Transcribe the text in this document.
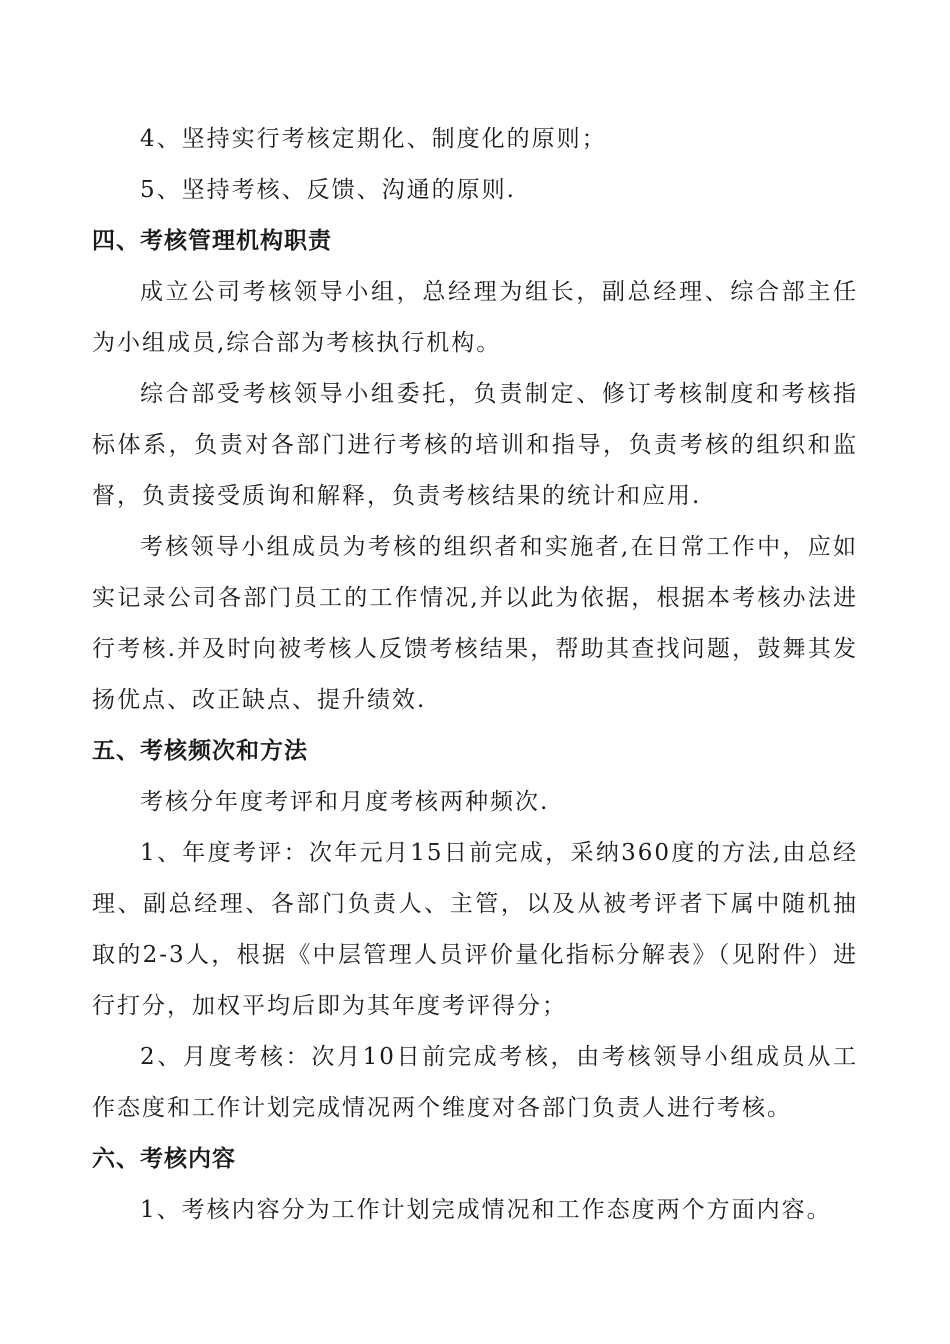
4、坚持实行考核定期化、制度化的原则；

5、坚持考核、反馈、沟通的原则.

四、考核管理机构职责

成立公司考核领导小组，总经理为组长，副总经理、综合部主任为小组成员,综合部为考核执行机构。

综合部受考核领导小组委托，负责制定、修订考核制度和考核指标体系，负责对各部门进行考核的培训和指导，负责考核的组织和监督，负责接受质询和解释，负责考核结果的统计和应用.

考核领导小组成员为考核的组织者和实施者,在日常工作中，应如实记录公司各部门员工的工作情况,并以此为依据，根据本考核办法进行考核.并及时向被考核人反馈考核结果，帮助其查找问题，鼓舞其发扬优点、改正缺点、提升绩效.

五、考核频次和方法

考核分年度考评和月度考核两种频次.

1、年度考评：次年元月15日前完成，采纳360度的方法,由总经理、副总经理、各部门负责人、主管，以及从被考评者下属中随机抽取的2-3人，根据《中层管理人员评价量化指标分解表》（见附件）进行打分，加权平均后即为其年度考评得分；

2、月度考核：次月10日前完成考核，由考核领导小组成员从工作态度和工作计划完成情况两个维度对各部门负责人进行考核。

六、考核内容

1、考核内容分为工作计划完成情况和工作态度两个方面内容。
